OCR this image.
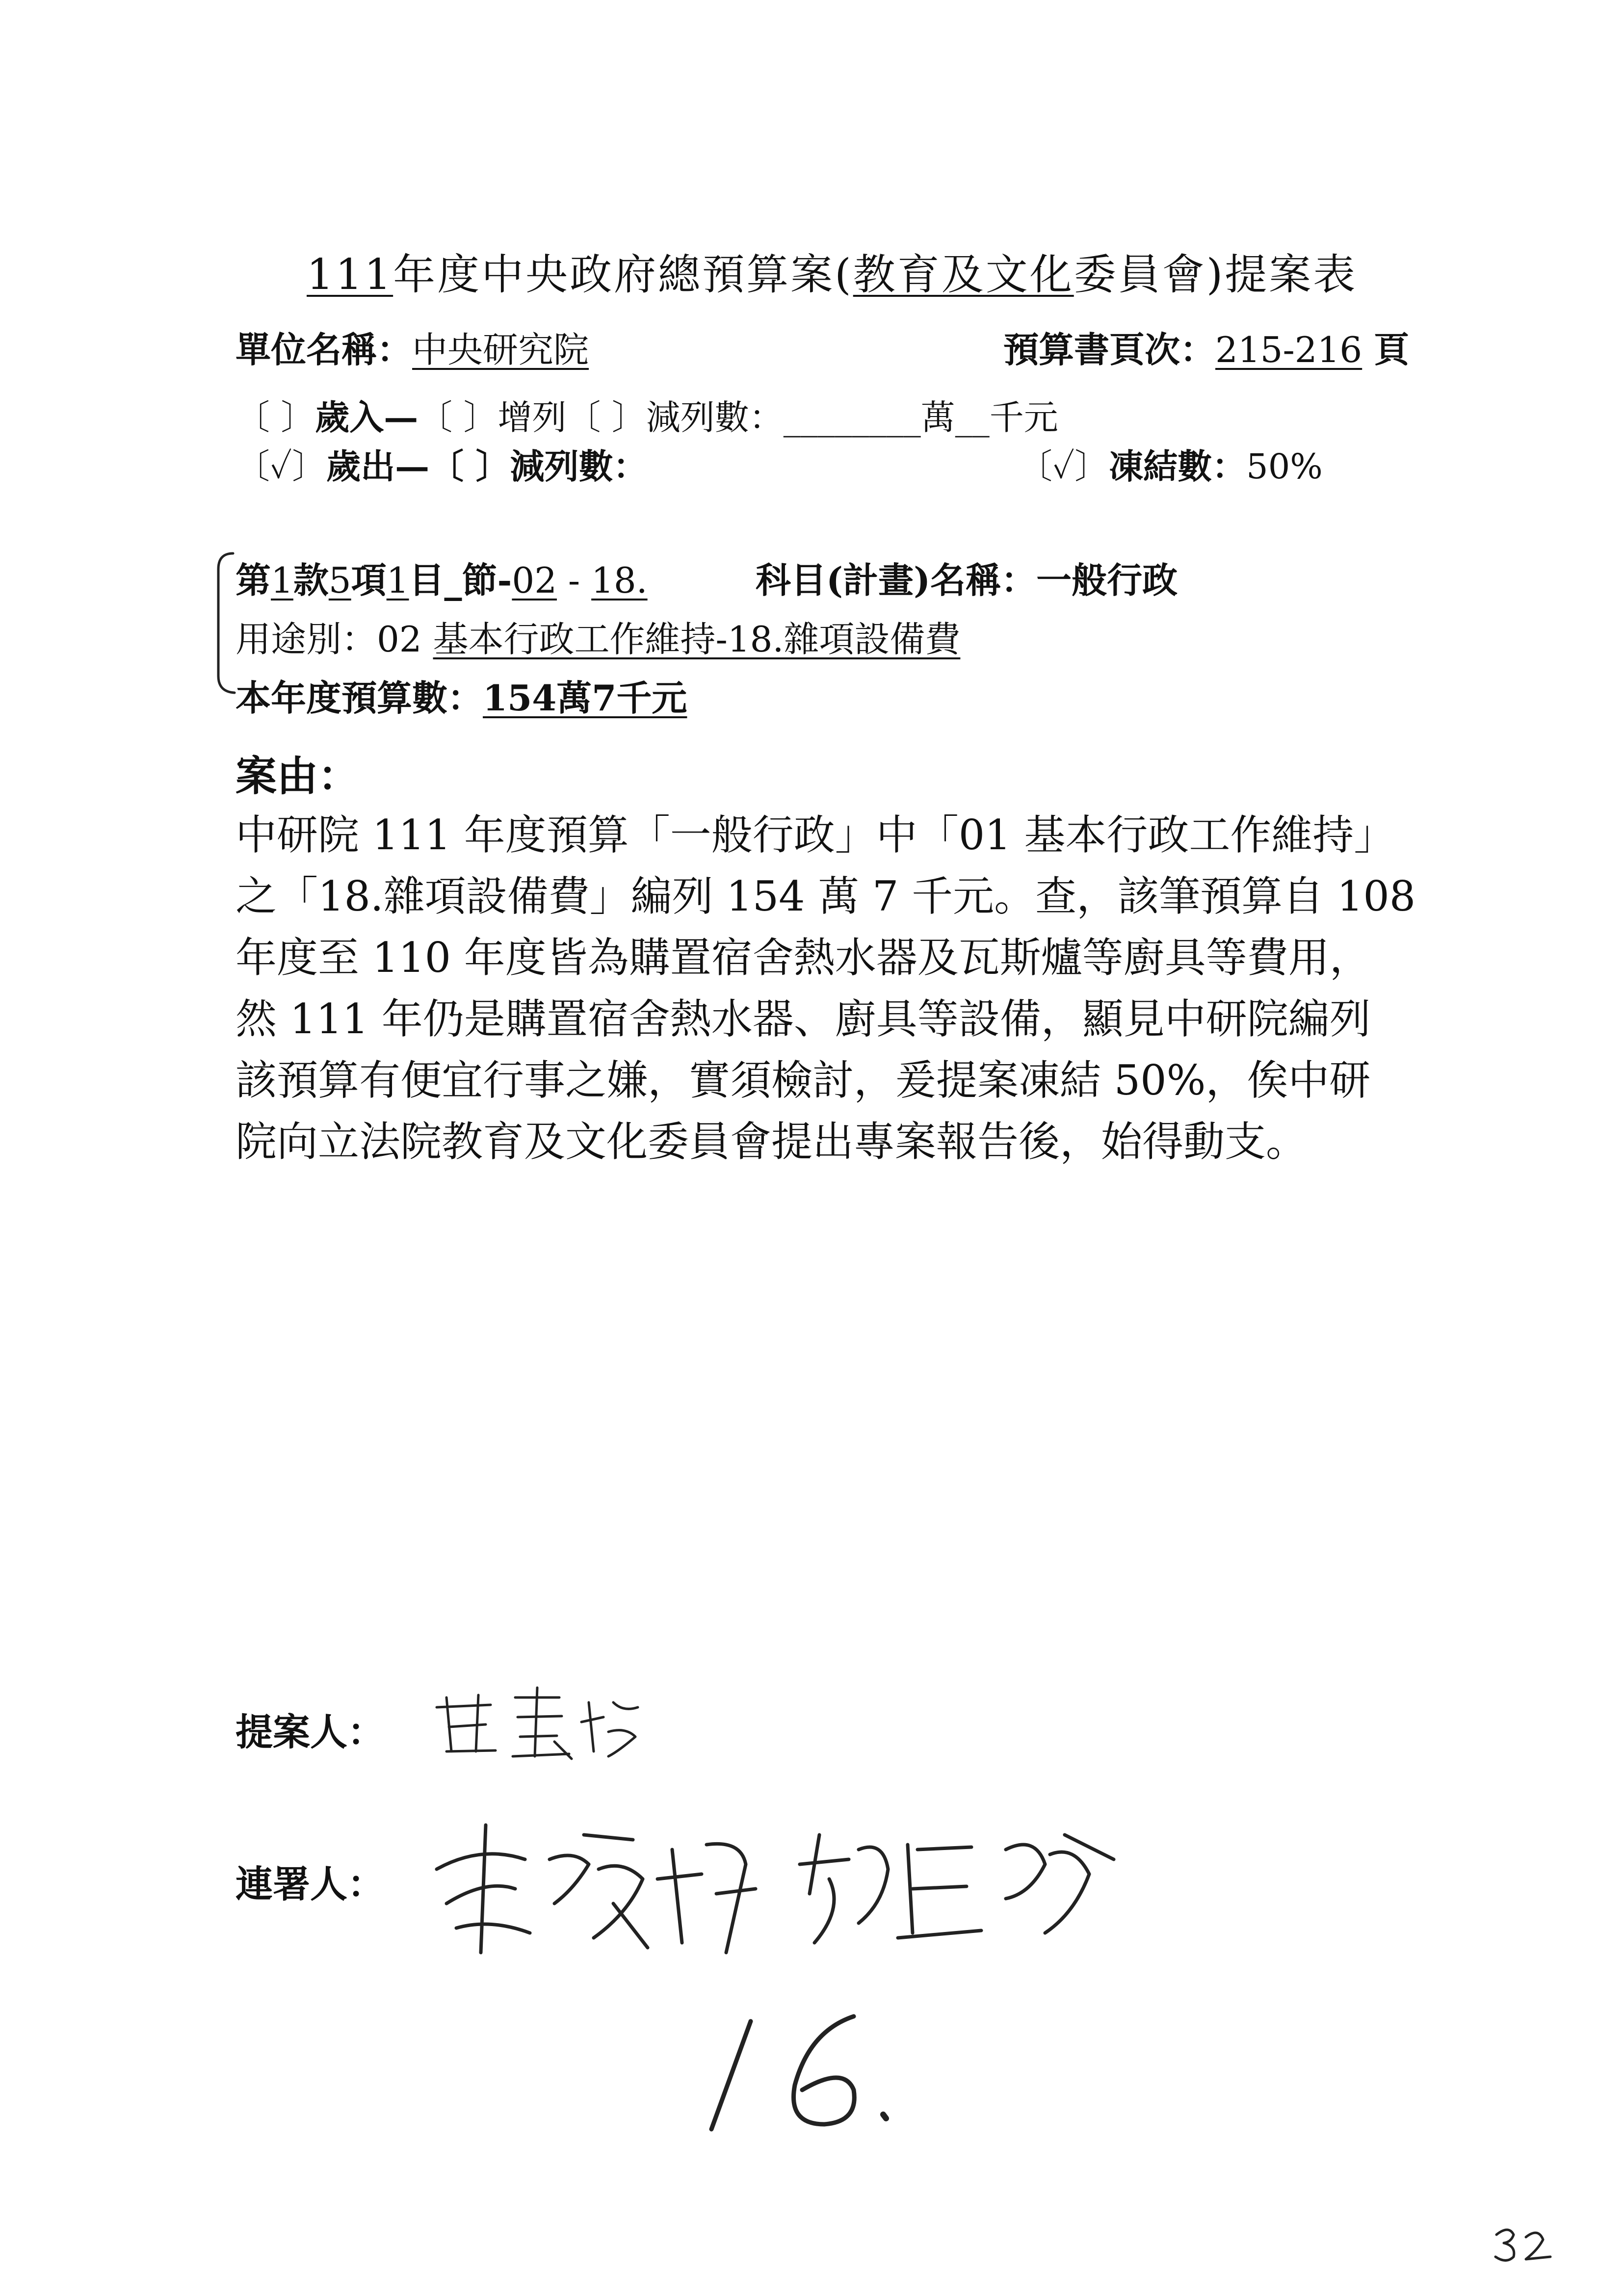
111年度中央政府總預算案(教育及文化委員會)提案表
單位名稱：中央研究院	預算書頁次：215-216 頁
〔 〕歲入—〔 〕增列〔 〕減列數：________萬__千元
〔✓〕歲出—〔 〕減列數：	〔✓〕凍結數：50%
第1款5項1目_節-02 - 18.	科目(計畫)名稱：一般行政
用途別：02 基本行政工作維持-18.雜項設備費
本年度預算數：154萬7千元
案由：

中研院 111 年度預算「一般行政」中「01 基本行政工作維持」

之「18.雜項設備費」編列 154 萬 7 千元。查，該筆預算自 108

年度至 110 年度皆為購置宿舍熱水器及瓦斯爐等廚具等費用，

然 111 年仍是購置宿舍熱水器、廚具等設備，顯見中研院編列

該預算有便宜行事之嫌，實須檢討，爰提案凍結 50%，俟中研

院向立法院教育及文化委員會提出專案報告後，始得動支。

提案人：
連署人：
